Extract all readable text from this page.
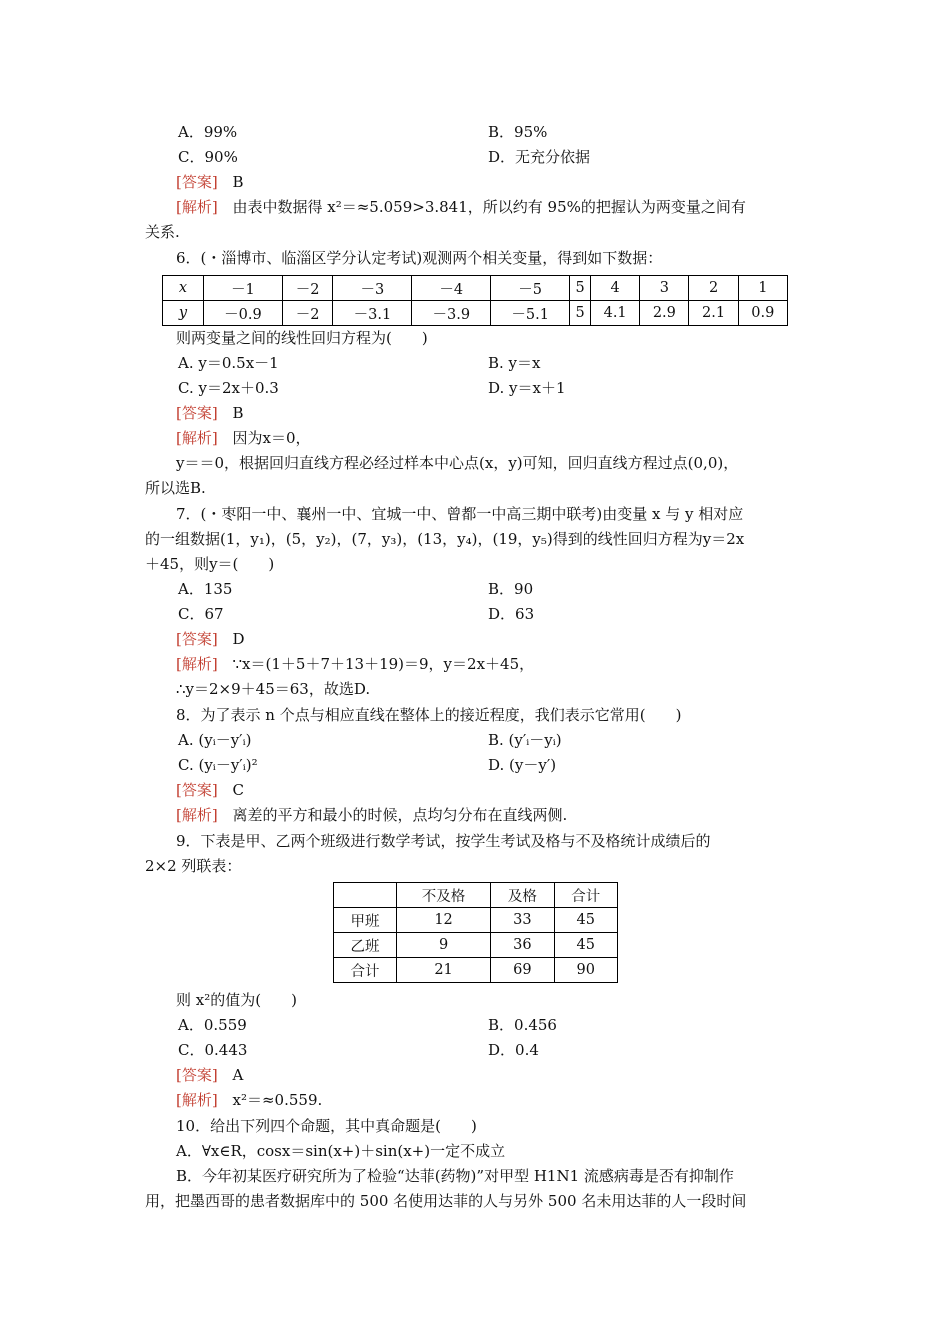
A．99%	B．95%
C．90%	D．无充分依据
[答案] B
[解析] 由表中数据得 x²＝≈5.059>3.841，所以约有 95%的把握认为两变量之间有
关系.
6．(・淄博市、临淄区学分认定考试)观测两个相关变量，得到如下数据：
x	－1	－2	－3	－4	－5	5	4	3	2	1
y	－0.9	－2	－3.1	－3.9	－5.1	5	4.1	2.9	2.1	0.9
则两变量之间的线性回归方程为(　　)
A. y＝0.5x－1	B. y＝x
C. y＝2x＋0.3	D. y＝x＋1
[答案] B
[解析] 因为x＝0，
y＝＝0，根据回归直线方程必经过样本中心点(x，y)可知，回归直线方程过点(0,0)，
所以选B.
7．(・枣阳一中、襄州一中、宜城一中、曾都一中高三期中联考)由变量 x 与 y 相对应
的一组数据(1，y₁)，(5，y₂)，(7，y₃)，(13，y₄)，(19，y₅)得到的线性回归方程为y＝2x
＋45，则y＝(　　)
A．135	B．90
C．67	D．63
[答案] D
[解析] ∵x＝(1＋5＋7＋13＋19)＝9，y＝2x＋45，
∴y＝2×9＋45＝63，故选D.
8．为了表示 n 个点与相应直线在整体上的接近程度，我们表示它常用(　　)
A. (yᵢ－y′ᵢ)	B. (y′ᵢ－yᵢ)
C. (yᵢ－y′ᵢ)²	D. (y－y′)
[答案] C
[解析] 离差的平方和最小的时候，点均匀分布在直线两侧.
9．下表是甲、乙两个班级进行数学考试，按学生考试及格与不及格统计成绩后的
2×2 列联表：
	不及格	及格	合计
甲班	12	33	45
乙班	9	36	45
合计	21	69	90
则 x²的值为(　　)
A．0.559	B．0.456
C．0.443	D．0.4
[答案] A
[解析] x²＝≈0.559.
10．给出下列四个命题，其中真命题是(　　)
A．∀x∈R，cosx＝sin(x+)＋sin(x+)一定不成立
B．今年初某医疗研究所为了检验“达菲(药物)”对甲型 H1N1 流感病毒是否有抑制作
用，把墨西哥的患者数据库中的 500 名使用达菲的人与另外 500 名未用达菲的人一段时间
